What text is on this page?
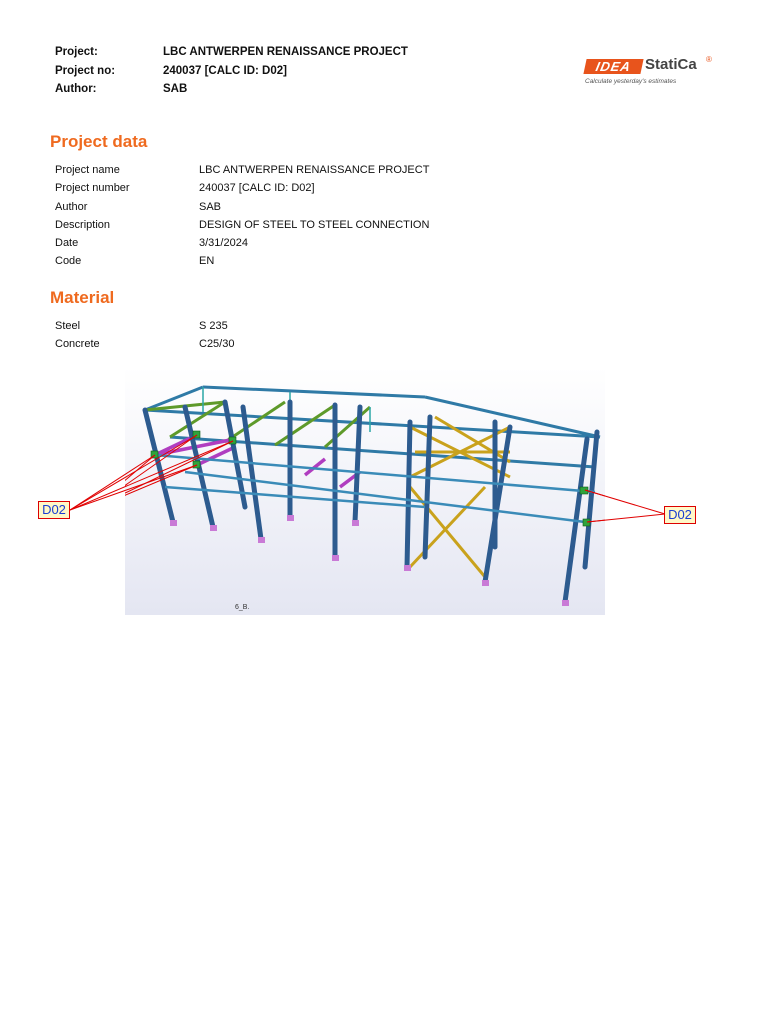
Project:	LBC ANTWERPEN RENAISSANCE PROJECT
Project no:	240037 [CALC ID: D02]
Author:	SAB
IDEA StatiCa ®
Calculate yesterday's estimates
Project data
Project name	LBC ANTWERPEN RENAISSANCE PROJECT
Project number	240037 [CALC ID: D02]
Author	SAB
Description	DESIGN OF STEEL TO STEEL CONNECTION
Date	3/31/2024
Code	EN
Material
Steel	S 235
Concrete	C25/30
6_B.
D02	D02
